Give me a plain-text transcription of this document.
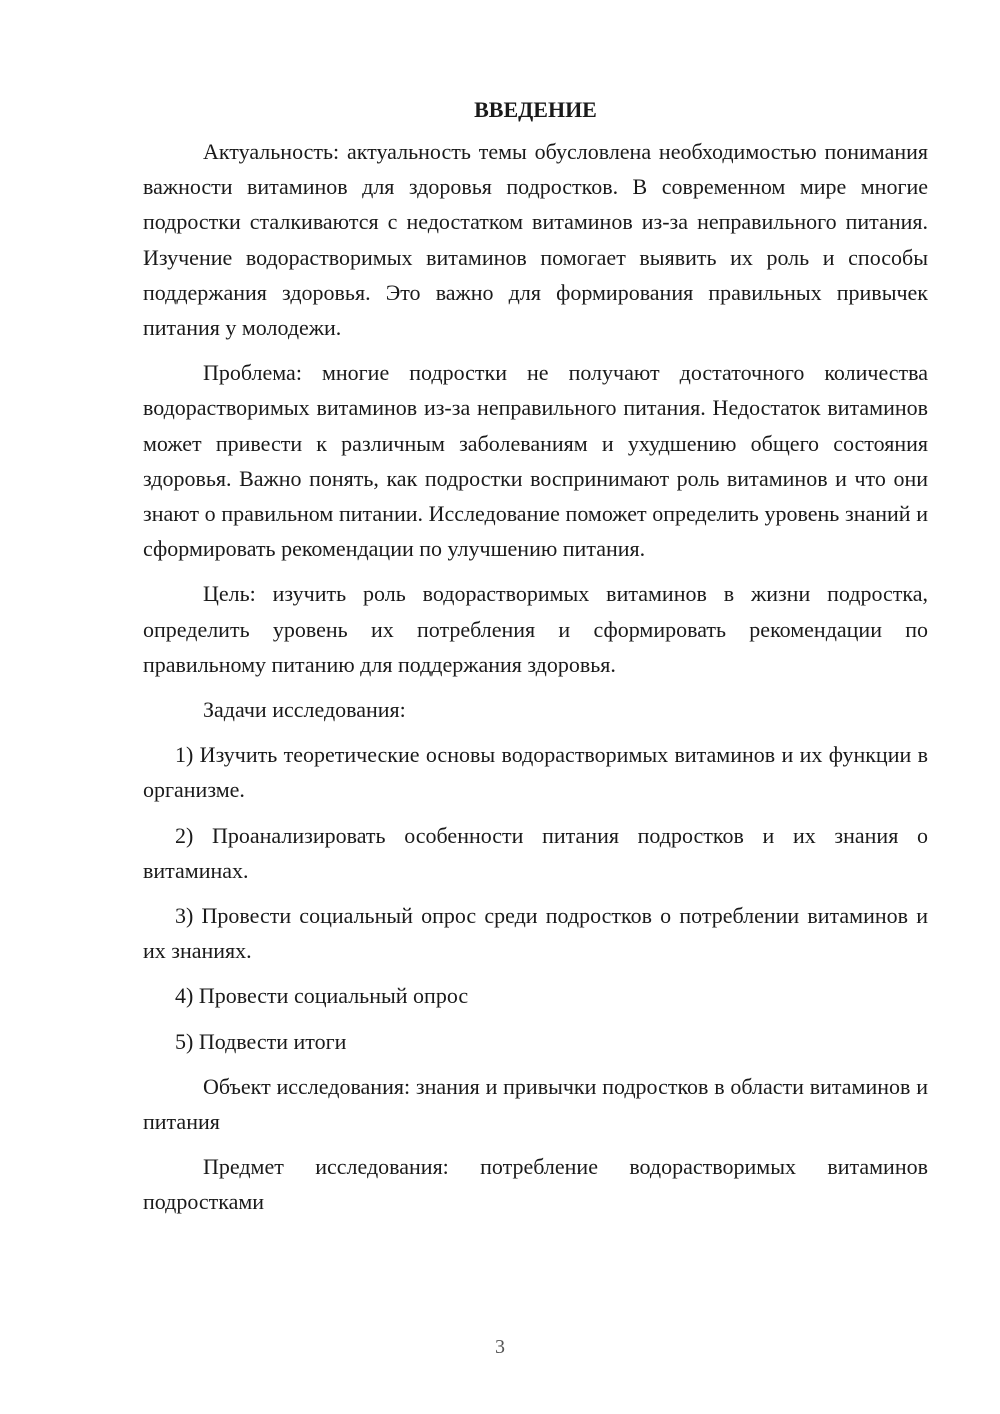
ВВЕДЕНИЕ

Актуальность: актуальность темы обусловлена необходимостью понимания важности витаминов для здоровья подростков. В современном мире многие подростки сталкиваются с недостатком витаминов из-за неправильного питания. Изучение водорастворимых витаминов помогает выявить их роль и способы поддержания здоровья. Это важно для формирования правильных привычек питания у молодежи.

Проблема: многие подростки не получают достаточного количества водорастворимых витаминов из-за неправильного питания. Недостаток витаминов может привести к различным заболеваниям и ухудшению общего состояния здоровья. Важно понять, как подростки воспринимают роль витаминов и что они знают о правильном питании. Исследование поможет определить уровень знаний и сформировать рекомендации по улучшению питания.

Цель: изучить роль водорастворимых витаминов в жизни подростка, определить уровень их потребления и сформировать рекомендации по правильному питанию для поддержания здоровья.

Задачи исследования:

1) Изучить теоретические основы водорастворимых витаминов и их функции в организме.

2) Проанализировать особенности питания подростков и их знания о витаминах.

3) Провести социальный опрос среди подростков о потреблении витаминов и их знаниях.

4) Провести социальный опрос

5) Подвести итоги

Объект исследования: знания и привычки подростков в области витаминов и питания

Предмет исследования: потребление водорастворимых витаминов подростками

3
